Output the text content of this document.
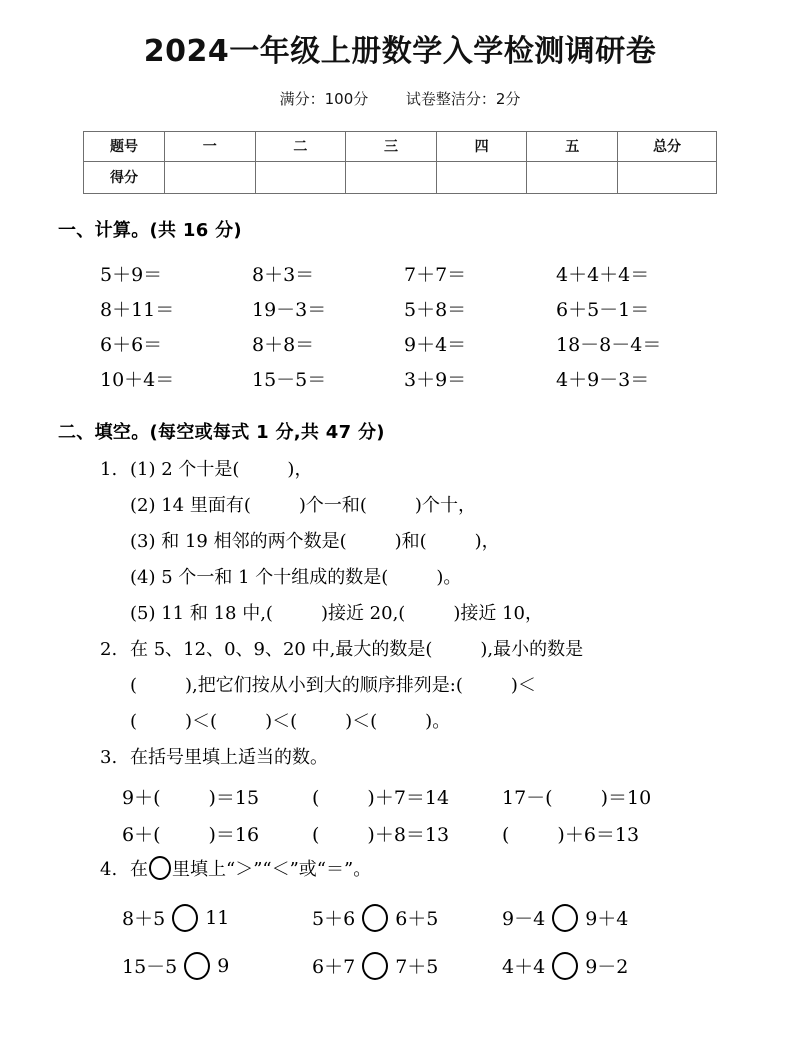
2024一年级上册数学入学检测调研卷
满分：100分	试卷整洁分：2分
题号	一	二	三	四	五	总分
得分						
一、计算。(共 16 分)
5＋9＝	8＋3＝	7＋7＝	4＋4＋4＝
8＋11＝	19－3＝	5＋8＝	6＋5－1＝
6＋6＝	8＋8＝	9＋4＝	18－8－4＝
10＋4＝	15－5＝	3＋9＝	4＋9－3＝
二、填空。(每空或每式 1 分,共 47 分)
1. (1) 2 个十是(	)，
(2) 14 里面有(	)个一和(	)个十，
(3) 和 19 相邻的两个数是(	)和(	)，
(4) 5 个一和 1 个十组成的数是(	)。
(5) 11 和 18 中,(	)接近 20,(	)接近 10，
2. 在 5、12、0、9、20 中,最大的数是(	),最小的数是
(	),把它们按从小到大的顺序排列是:(	)＜
(	)＜(	)＜(	)＜(	)。
3. 在括号里填上适当的数。
9＋(	)＝15	(	)＋7＝14	17－(	)＝10
6＋(	)＝16	(	)＋8＝13	(	)＋6＝13
4. 在 里填上“＞”“＜”或“＝”。
8＋5 11	5＋6 6＋5	9－4 9＋4
15－5 9	6＋7 7＋5	4＋4 9－2
